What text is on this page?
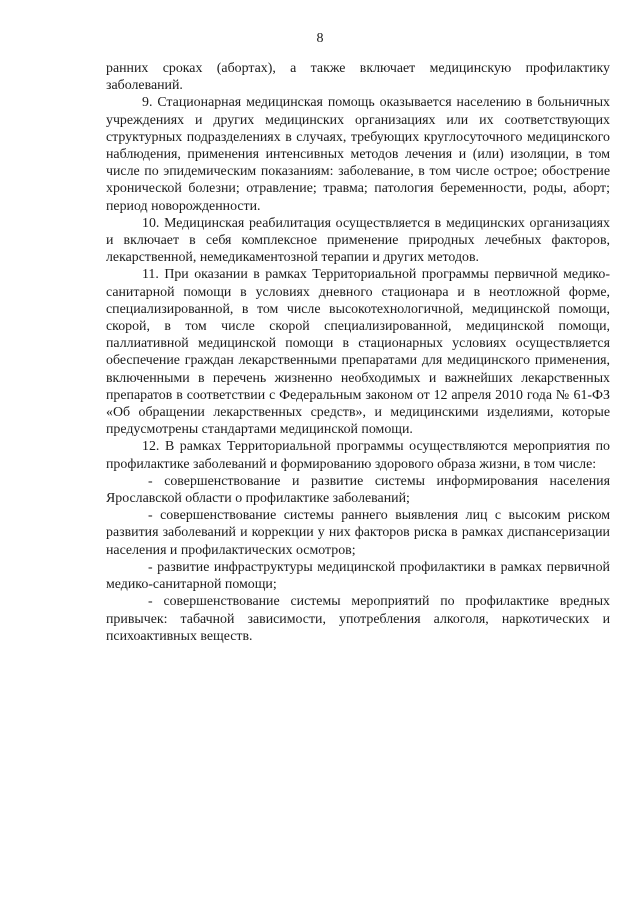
8

ранних сроках (абортах), а также включает медицинскую профилактику заболеваний.

9. Стационарная медицинская помощь оказывается населению в больничных учреждениях и других медицинских организациях или их соответствующих структурных подразделениях в случаях, требующих круглосуточного медицинского наблюдения, применения интенсивных методов лечения и (или) изоляции, в том числе по эпидемическим показаниям: заболевание, в том числе острое; обострение хронической болезни; отравление; травма; патология беременности, роды, аборт; период новорожденности.

10. Медицинская реабилитация осуществляется в медицинских организациях и включает в себя комплексное применение природных лечебных факторов, лекарственной, немедикаментозной терапии и других методов.

11. При оказании в рамках Территориальной программы первичной медико-санитарной помощи в условиях дневного стационара и в неотложной форме, специализированной, в том числе высокотехнологичной, медицинской помощи, скорой, в том числе скорой специализированной, медицинской помощи, паллиативной медицинской помощи в стационарных условиях осуществляется обеспечение граждан лекарственными препаратами для медицинского применения, включенными в перечень жизненно необходимых и важнейших лекарственных препаратов в соответствии с Федеральным законом от 12 апреля 2010 года № 61-ФЗ «Об обращении лекарственных средств», и медицинскими изделиями, которые предусмотрены стандартами медицинской помощи.

12. В рамках Территориальной программы осуществляются мероприятия по профилактике заболеваний и формированию здорового образа жизни, в том числе:

- совершенствование и развитие системы информирования населения Ярославской области о профилактике заболеваний;

- совершенствование системы раннего выявления лиц с высоким риском развития заболеваний и коррекции у них факторов риска в рамках диспансеризации населения и профилактических осмотров;

- развитие инфраструктуры медицинской профилактики в рамках первичной медико-санитарной помощи;

- совершенствование системы мероприятий по профилактике вредных привычек: табачной зависимости, употребления алкоголя, наркотических и психоактивных веществ.
